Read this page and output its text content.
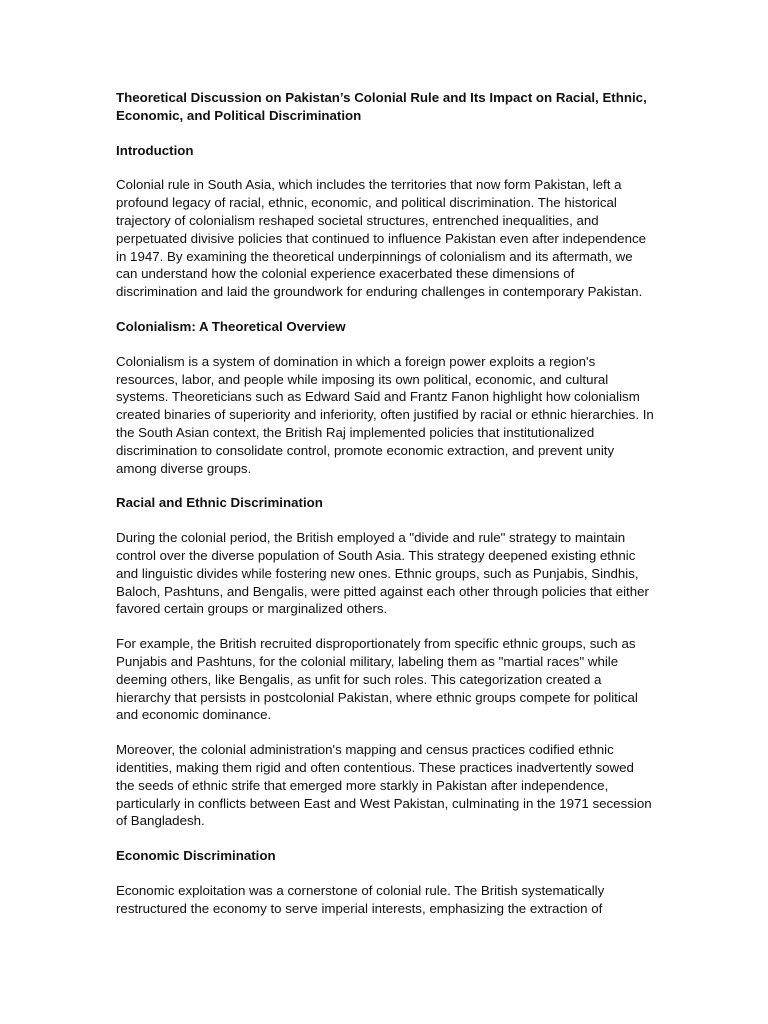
Theoretical Discussion on Pakistan’s Colonial Rule and Its Impact on Racial, Ethnic, Economic, and Political Discrimination

Introduction

Colonial rule in South Asia, which includes the territories that now form Pakistan, left a profound legacy of racial, ethnic, economic, and political discrimination. The historical trajectory of colonialism reshaped societal structures, entrenched inequalities, and perpetuated divisive policies that continued to influence Pakistan even after independence in 1947. By examining the theoretical underpinnings of colonialism and its aftermath, we can understand how the colonial experience exacerbated these dimensions of discrimination and laid the groundwork for enduring challenges in contemporary Pakistan.

Colonialism: A Theoretical Overview

Colonialism is a system of domination in which a foreign power exploits a region's resources, labor, and people while imposing its own political, economic, and cultural systems. Theoreticians such as Edward Said and Frantz Fanon highlight how colonialism created binaries of superiority and inferiority, often justified by racial or ethnic hierarchies. In the South Asian context, the British Raj implemented policies that institutionalized discrimination to consolidate control, promote economic extraction, and prevent unity among diverse groups.

Racial and Ethnic Discrimination

During the colonial period, the British employed a "divide and rule" strategy to maintain control over the diverse population of South Asia. This strategy deepened existing ethnic and linguistic divides while fostering new ones. Ethnic groups, such as Punjabis, Sindhis, Baloch, Pashtuns, and Bengalis, were pitted against each other through policies that either favored certain groups or marginalized others.

For example, the British recruited disproportionately from specific ethnic groups, such as Punjabis and Pashtuns, for the colonial military, labeling them as "martial races" while deeming others, like Bengalis, as unfit for such roles. This categorization created a hierarchy that persists in postcolonial Pakistan, where ethnic groups compete for political and economic dominance.

Moreover, the colonial administration's mapping and census practices codified ethnic identities, making them rigid and often contentious. These practices inadvertently sowed the seeds of ethnic strife that emerged more starkly in Pakistan after independence, particularly in conflicts between East and West Pakistan, culminating in the 1971 secession of Bangladesh.

Economic Discrimination

Economic exploitation was a cornerstone of colonial rule. The British systematically restructured the economy to serve imperial interests, emphasizing the extraction of
